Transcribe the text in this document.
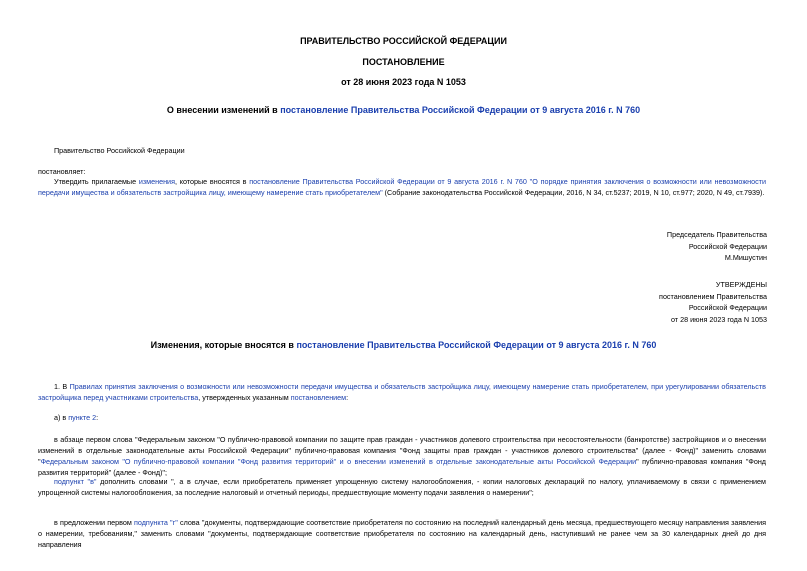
ПРАВИТЕЛЬСТВО РОССИЙСКОЙ ФЕДЕРАЦИИ
ПОСТАНОВЛЕНИЕ
от 28 июня 2023 года N 1053
О внесении изменений в постановление Правительства Российской Федерации от 9 августа 2016 г. N 760
Правительство Российской Федерации
постановляет:
Утвердить прилагаемые изменения, которые вносятся в постановление Правительства Российской Федерации от 9 августа 2016 г. N 760 "О порядке принятия заключения о возможности или невозможности передачи имущества и обязательств застройщика лицу, имеющему намерение стать приобретателем" (Собрание законодательства Российской Федерации, 2016, N 34, ст.5237; 2019, N 10, ст.977; 2020, N 49, ст.7939).
Председатель Правительства
Российской Федерации
М.Мишустин
УТВЕРЖДЕНЫ
постановлением Правительства
Российской Федерации
от 28 июня 2023 года N 1053
Изменения, которые вносятся в постановление Правительства Российской Федерации от 9 августа 2016 г. N 760
1. В Правилах принятия заключения о возможности или невозможности передачи имущества и обязательств застройщика лицу, имеющему намерение стать приобретателем, при урегулировании обязательств застройщика перед участниками строительства, утвержденных указанным постановлением:
а) в пункте 2:
в абзаце первом слова "Федеральным законом "О публично-правовой компании по защите прав граждан - участников долевого строительства при несостоятельности (банкротстве) застройщиков и о внесении изменений в отдельные законодательные акты Российской Федерации" публично-правовая компания "Фонд защиты прав граждан - участников долевого строительства" (далее - Фонд)" заменить словами "Федеральным законом "О публично-правовой компании "Фонд развития территорий" и о внесении изменений в отдельные законодательные акты Российской Федерации" публично-правовая компания "Фонд развития территорий" (далее - Фонд)";
подпункт "в" дополнить словами ", а в случае, если приобретатель применяет упрощенную систему налогообложения, - копии налоговых деклараций по налогу, уплачиваемому в связи с применением упрощенной системы налогообложения, за последние налоговый и отчетный периоды, предшествующие моменту подачи заявления о намерении";
в предложении первом подпункта "г" слова "документы, подтверждающие соответствие приобретателя по состоянию на последний календарный день месяца, предшествующего месяцу направления заявления о намерении, требованиям," заменить словами "документы, подтверждающие соответствие приобретателя по состоянию на календарный день, наступивший не ранее чем за 30 календарных дней до дня направления
